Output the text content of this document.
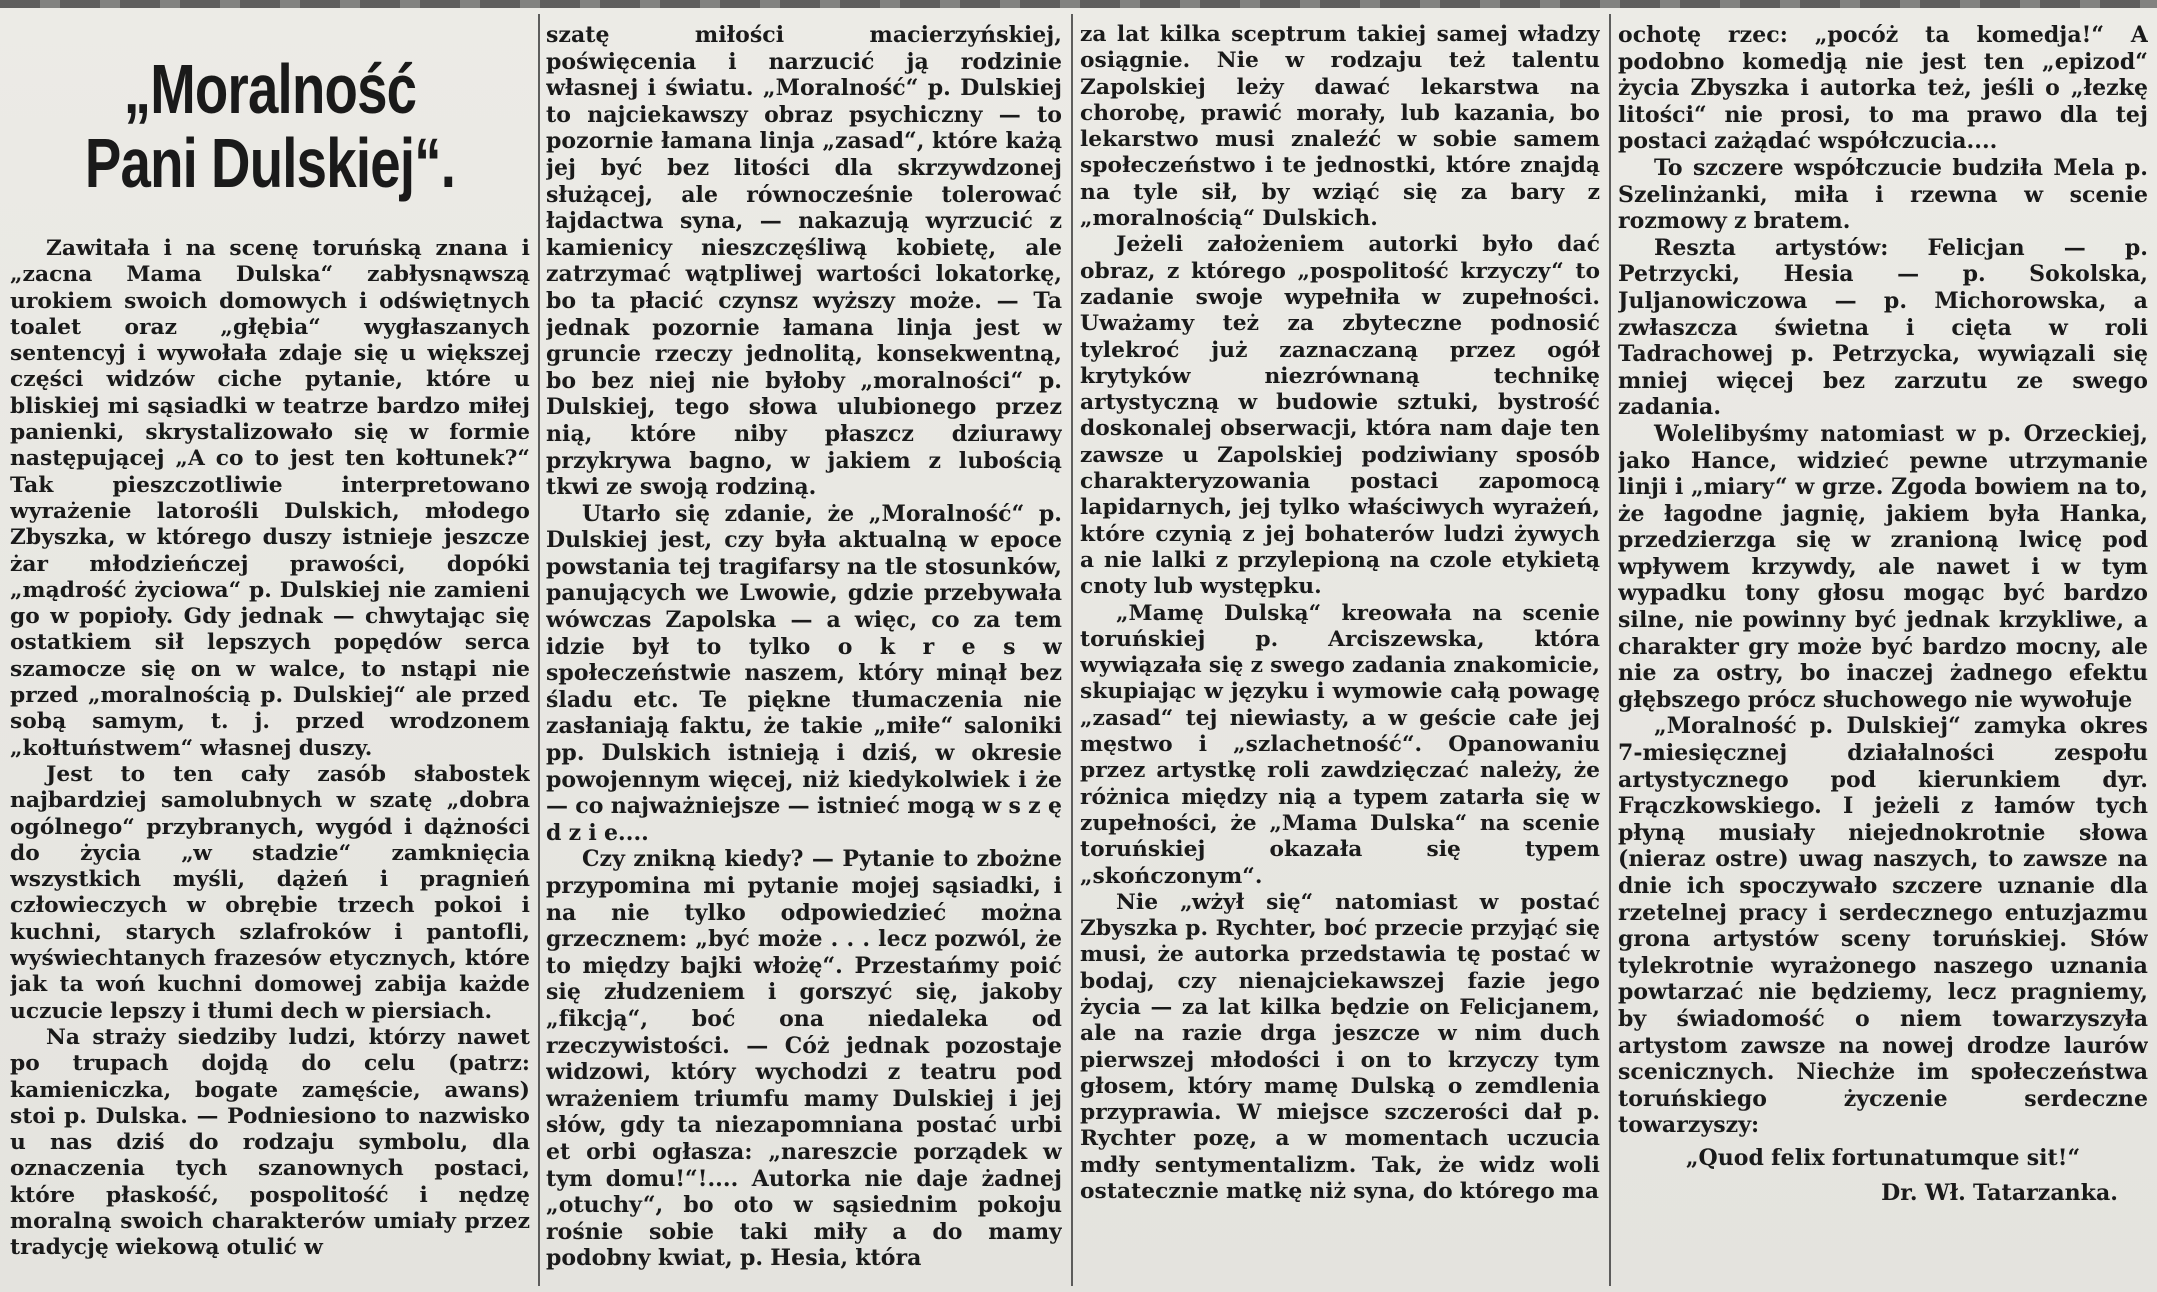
„Moralność
Pani Dulskiej“.

Zawitała i na scenę toruńską znana i „zacna Mama Dulska“ zabłysnąwszą urokiem swoich domowych i odświętnych toalet oraz „głębia“ wygłaszanych sentencyj i wywołała zdaje się u większej części widzów ciche pytanie, które u bliskiej mi sąsiadki w teatrze bardzo miłej panienki, skrystalizowało się w formie następującej „A co to jest ten kołtunek?“ Tak pieszczotliwie interpretowano wyrażenie latorośli Dulskich, młodego Zbyszka, w którego duszy istnieje jeszcze żar młodzieńczej prawości, dopóki „mądrość życiowa“ p. Dulskiej nie zamieni go w popioły. Gdy jednak — chwytając się ostatkiem sił lepszych popędów serca szamocze się on w walce, to nstąpi nie przed „moralnością p. Dulskiej“ ale przed sobą samym, t. j. przed wrodzonem „kołtuństwem“ własnej duszy.

Jest to ten cały zasób słabostek najbardziej samolubnych w szatę „dobra ogólnego“ przybranych, wygód i dążności do życia „w stadzie“ zamknięcia wszystkich myśli, dążeń i pragnień człowieczych w obrębie trzech pokoi i kuchni, starych szlafroków i pantofli, wyświechtanych frazesów etycznych, które jak ta woń kuchni domowej zabija każde uczucie lepszy i tłumi dech w piersiach.

Na straży siedziby ludzi, którzy nawet po trupach dojdą do celu (patrz: kamieniczka, bogate zamęście, awans) stoi p. Dulska. — Podniesiono to nazwisko u nas dziś do rodzaju symbolu, dla oznaczenia tych szanownych postaci, które płaskość, pospolitość i nędzę moralną swoich charakterów umiały przez tradycję wiekową otulić w

szatę miłości macierzyńskiej, poświęcenia i narzucić ją rodzinie własnej i światu. „Moralność“ p. Dulskiej to najciekawszy obraz psychiczny — to pozornie łamana linja „zasad“, które każą jej być bez litości dla skrzywdzonej służącej, ale równocześnie tolerować łajdactwa syna, — nakazują wyrzucić z kamienicy nieszczęśliwą kobietę, ale zatrzymać wątpliwej wartości lokatorkę, bo ta płacić czynsz wyższy może. — Ta jednak pozornie łamana linja jest w gruncie rzeczy jednolitą, konsekwentną, bo bez niej nie byłoby „moralności“ p. Dulskiej, tego słowa ulubionego przez nią, które niby płaszcz dziurawy przykrywa bagno, w jakiem z lubością tkwi ze swoją rodziną.

Utarło się zdanie, że „Moralność“ p. Dulskiej jest, czy była aktualną w epoce powstania tej tragifarsy na tle stosunków, panujących we Lwowie, gdzie przebywała wówczas Zapolska — a więc, co za tem idzie był to tylko o k r e s w społeczeństwie naszem, który minął bez śladu etc. Te piękne tłumaczenia nie zasłaniają faktu, że takie „miłe“ saloniki pp. Dulskich istnieją i dziś, w okresie powojennym więcej, niż kiedykolwiek i że — co najważniejsze — istnieć mogą w s z ę d z i e....

Czy znikną kiedy? — Pytanie to zbożne przypomina mi pytanie mojej sąsiadki, i na nie tylko odpowiedzieć można grzecznem: „być może . . . lecz pozwól, że to między bajki włożę“. Przestańmy poić się złudzeniem i gorszyć się, jakoby „fikcją“, boć ona niedaleka od rzeczywistości. — Cóż jednak pozostaje widzowi, który wychodzi z teatru pod wrażeniem triumfu mamy Dulskiej i jej słów, gdy ta niezapomniana postać urbi et orbi ogłasza: „nareszcie porządek w tym domu!“!.... Autorka nie daje żadnej „otuchy“, bo oto w sąsiednim pokoju rośnie sobie taki miły a do mamy podobny kwiat, p. Hesia, która

za lat kilka sceptrum takiej samej władzy osiągnie. Nie w rodzaju też talentu Zapolskiej leży dawać lekarstwa na chorobę, prawić morały, lub kazania, bo lekarstwo musi znaleźć w sobie samem społeczeństwo i te jednostki, które znajdą na tyle sił, by wziąć się za bary z „moralnością“ Dulskich.

Jeżeli założeniem autorki było dać obraz, z którego „pospolitość krzyczy“ to zadanie swoje wypełniła w zupełności. Uważamy też za zbyteczne podnosić tylekroć już zaznaczaną przez ogół krytyków niezrównaną technikę artystyczną w budowie sztuki, bystrość doskonalej obserwacji, która nam daje ten zawsze u Zapolskiej podziwiany sposób charakteryzowania postaci zapomocą lapidarnych, jej tylko właściwych wyrażeń, które czynią z jej bohaterów ludzi żywych a nie lalki z przylepioną na czole etykietą cnoty lub występku.

„Mamę Dulską“ kreowała na scenie toruńskiej p. Arciszewska, która wywiązała się z swego zadania znakomicie, skupiając w języku i wymowie całą powagę „zasad“ tej niewiasty, a w geście całe jej męstwo i „szlachetność“. Opanowaniu przez artystkę roli zawdzięczać należy, że różnica między nią a typem zatarła się w zupełności, że „Mama Dulska“ na scenie toruńskiej okazała się typem „skończonym“.

Nie „wżył się“ natomiast w postać Zbyszka p. Rychter, boć przecie przyjąć się musi, że autorka przedstawia tę postać w bodaj, czy nienajciekawszej fazie jego życia — za lat kilka będzie on Felicjanem, ale na razie drga jeszcze w nim duch pierwszej młodości i on to krzyczy tym głosem, który mamę Dulską o zemdlenia przyprawia. W miejsce szczerości dał p. Rychter pozę, a w momentach uczucia mdły sentymentalizm. Tak, że widz woli ostatecznie matkę niż syna, do którego ma

ochotę rzec: „pocóż ta komedja!“ A podobno komedją nie jest ten „epizod“ życia Zbyszka i autorka też, jeśli o „łezkę litości“ nie prosi, to ma prawo dla tej postaci zażądać współczucia....

To szczere współczucie budziła Mela p. Szelinżanki, miła i rzewna w scenie rozmowy z bratem.

Reszta artystów: Felicjan — p. Petrzycki, Hesia — p. Sokolska, Juljanowiczowa — p. Michorowska, a zwłaszcza świetna i cięta w roli Tadrachowej p. Petrzycka, wywiązali się mniej więcej bez zarzutu ze swego zadania.

Wolelibyśmy natomiast w p. Orzeckiej, jako Hance, widzieć pewne utrzymanie linji i „miary“ w grze. Zgoda bowiem na to, że łagodne jagnię, jakiem była Hanka, przedzierzga się w zranioną lwicę pod wpływem krzywdy, ale nawet i w tym wypadku tony głosu mogąc być bardzo silne, nie powinny być jednak krzykliwe, a charakter gry może być bardzo mocny, ale nie za ostry, bo inaczej żadnego efektu głębszego prócz słuchowego nie wywołuje

„Moralność p. Dulskiej“ zamyka okres 7-miesięcznej działalności zespołu artystycznego pod kierunkiem dyr. Frączkowskiego. I jeżeli z łamów tych płyną musiały niejednokrotnie słowa (nieraz ostre) uwag naszych, to zawsze na dnie ich spoczywało szczere uznanie dla rzetelnej pracy i serdecznego entuzjazmu grona artystów sceny toruńskiej. Słów tylekrotnie wyrażonego naszego uznania powtarzać nie będziemy, lecz pragniemy, by świadomość o niem towarzyszyła artystom zawsze na nowej drodze laurów scenicznych. Niechże im społeczeństwa toruńskiego życzenie serdeczne towarzyszy:

„Quod felix fortunatumque sit!“

Dr. Wł. Tatarzanka.
